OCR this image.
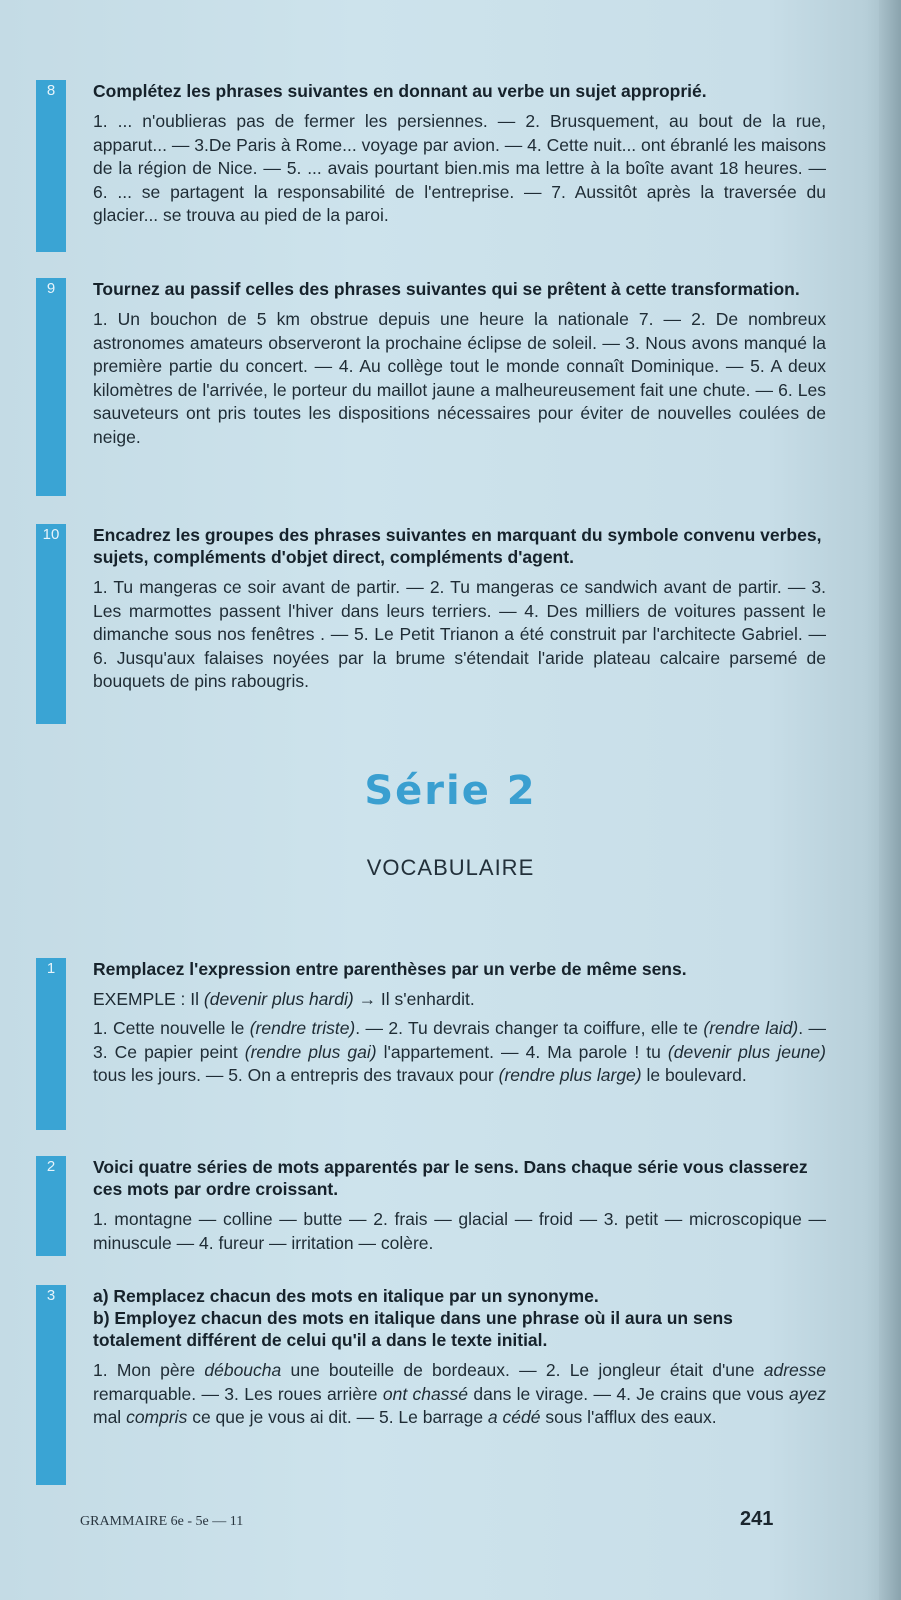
8	Complétez les phrases suivantes en donnant au verbe un sujet approprié.

1. ... n'oublieras pas de fermer les persiennes. — 2. Brusquement, au bout de la rue, apparut... — 3.De Paris à Rome... voyage par avion. — 4. Cette nuit... ont ébranlé les maisons de la région de Nice. — 5. ... avais pourtant bien.mis ma lettre à la boîte avant 18 heures. — 6. ... se partagent la responsabilité de l'entreprise. — 7. Aussitôt après la traversée du glacier... se trouva au pied de la paroi.

9	Tournez au passif celles des phrases suivantes qui se prêtent à cette transformation.

1. Un bouchon de 5 km obstrue depuis une heure la nationale 7. — 2. De nombreux astronomes amateurs observeront la prochaine éclipse de soleil. — 3. Nous avons manqué la première partie du concert. — 4. Au collège tout le monde connaît Dominique. — 5. A deux kilomètres de l'arrivée, le porteur du maillot jaune a malheureusement fait une chute. — 6. Les sauveteurs ont pris toutes les dispositions nécessaires pour éviter de nouvelles coulées de neige.

10	Encadrez les groupes des phrases suivantes en marquant du symbole convenu verbes, sujets, compléments d'objet direct, compléments d'agent.

1. Tu mangeras ce soir avant de partir. — 2. Tu mangeras ce sandwich avant de partir. — 3. Les marmottes passent l'hiver dans leurs terriers. — 4. Des milliers de voitures passent le dimanche sous nos fenêtres . — 5. Le Petit Trianon a été construit par l'architecte Gabriel. — 6. Jusqu'aux falaises noyées par la brume s'étendait l'aride plateau calcaire parsemé de bouquets de pins rabougris.

Série 2
VOCABULAIRE
1	Remplacez l'expression entre parenthèses par un verbe de même sens.

EXEMPLE : Il (devenir plus hardi) → Il s'enhardit.

1. Cette nouvelle le (rendre triste). — 2. Tu devrais changer ta coiffure, elle te (rendre laid). — 3. Ce papier peint (rendre plus gai) l'appartement. — 4. Ma parole ! tu (devenir plus jeune) tous les jours. — 5. On a entrepris des travaux pour (rendre plus large) le boulevard.

2	Voici quatre séries de mots apparentés par le sens. Dans chaque série vous classerez ces mots par ordre croissant.

1. montagne — colline — butte — 2. frais — glacial — froid — 3. petit — microscopique — minuscule — 4. fureur — irritation — colère.

3	a) Remplacez chacun des mots en italique par un synonyme.

b) Employez chacun des mots en italique dans une phrase où il aura un sens totalement différent de celui qu'il a dans le texte initial.

1. Mon père déboucha une bouteille de bordeaux. — 2. Le jongleur était d'une adresse remarquable. — 3. Les roues arrière ont chassé dans le virage. — 4. Je crains que vous ayez mal compris ce que je vous ai dit. — 5. Le barrage a cédé sous l'afflux des eaux.

GRAMMAIRE 6e - 5e — 11	241
